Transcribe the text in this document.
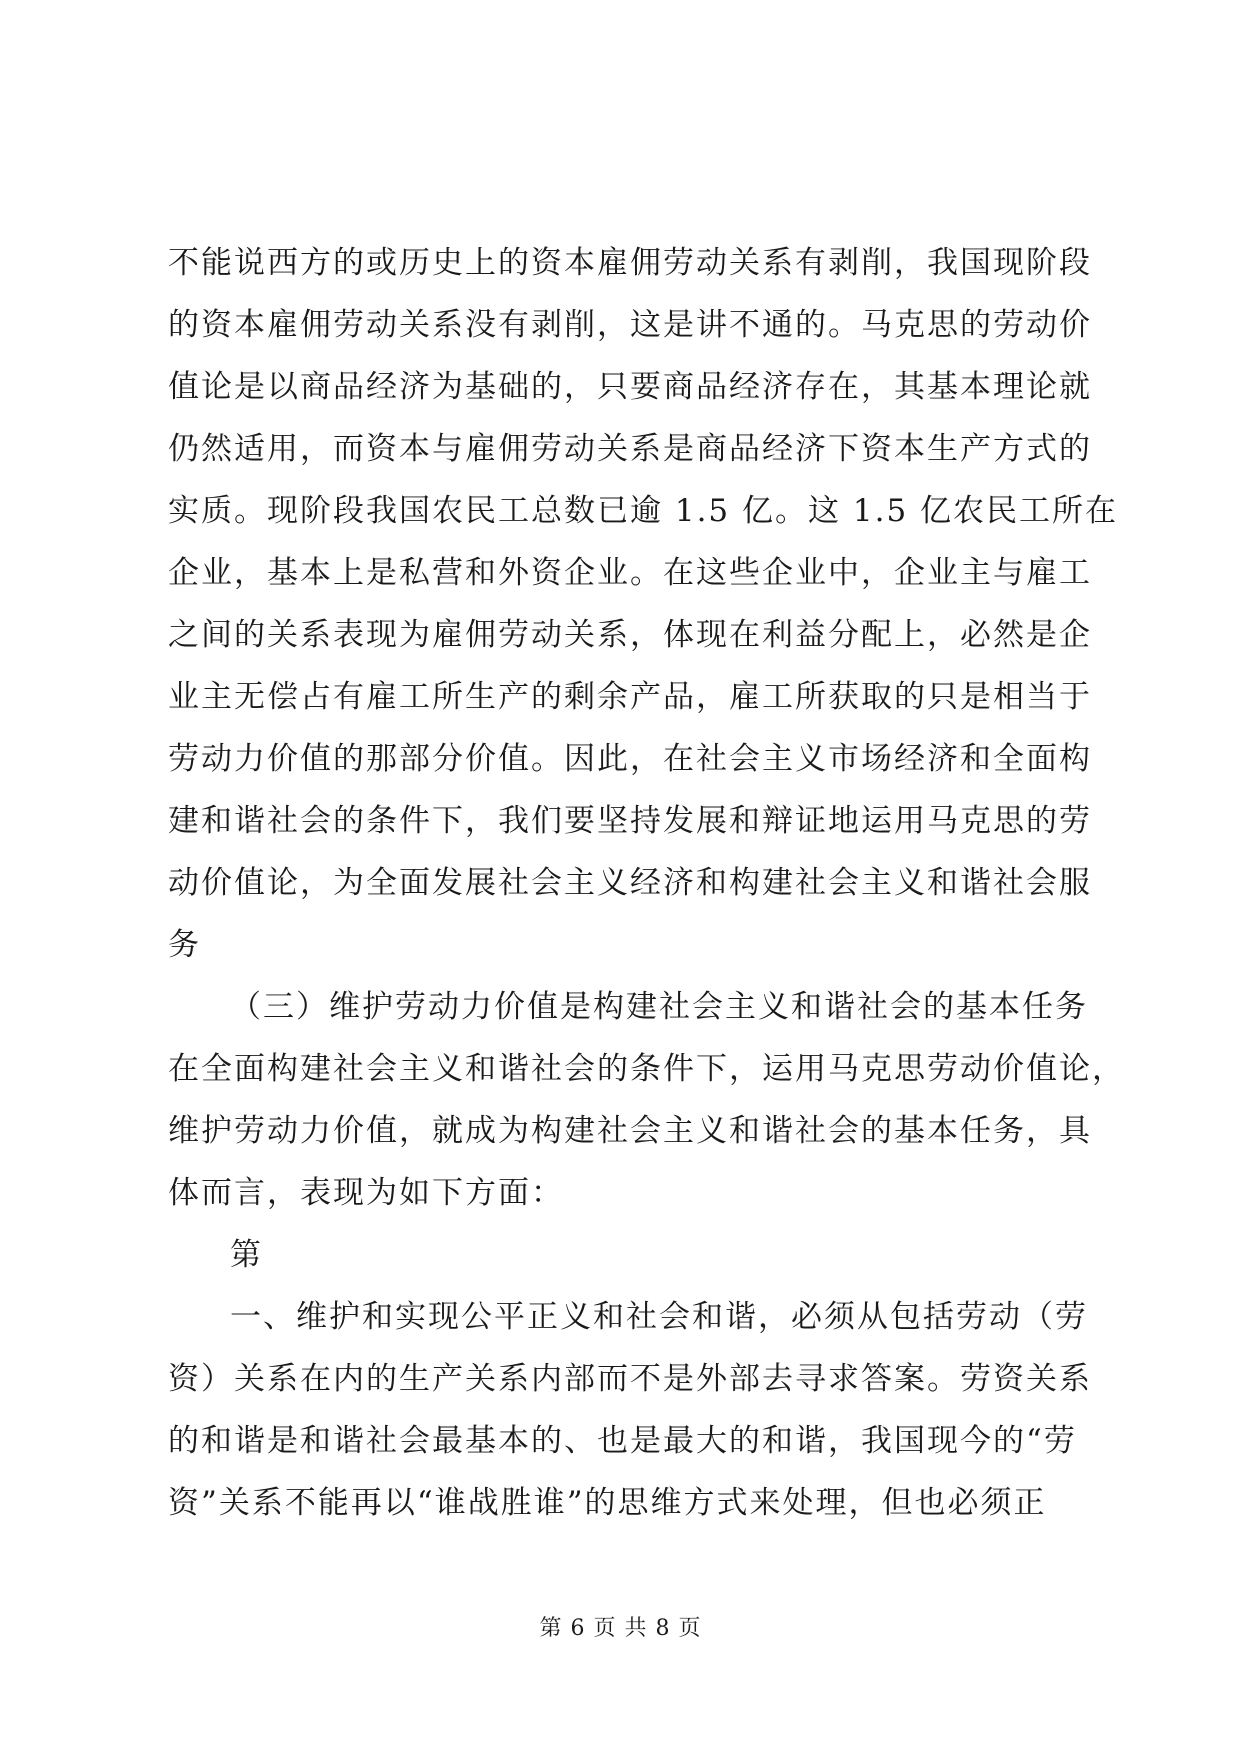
不能说西方的或历史上的资本雇佣劳动关系有剥削，我国现阶段
的资本雇佣劳动关系没有剥削，这是讲不通的。马克思的劳动价
值论是以商品经济为基础的，只要商品经济存在，其基本理论就
仍然适用，而资本与雇佣劳动关系是商品经济下资本生产方式的
实质。现阶段我国农民工总数已逾 1.5 亿。这 1.5 亿农民工所在
企业，基本上是私营和外资企业。在这些企业中，企业主与雇工
之间的关系表现为雇佣劳动关系，体现在利益分配上，必然是企
业主无偿占有雇工所生产的剩余产品，雇工所获取的只是相当于
劳动力价值的那部分价值。因此，在社会主义市场经济和全面构
建和谐社会的条件下，我们要坚持发展和辩证地运用马克思的劳
动价值论，为全面发展社会主义经济和构建社会主义和谐社会服
务
（三）维护劳动力价值是构建社会主义和谐社会的基本任务
在全面构建社会主义和谐社会的条件下，运用马克思劳动价值论，
维护劳动力价值，就成为构建社会主义和谐社会的基本任务，具
体而言，表现为如下方面：
第
一、维护和实现公平正义和社会和谐，必须从包括劳动（劳
资）关系在内的生产关系内部而不是外部去寻求答案。劳资关系
的和谐是和谐社会最基本的、也是最大的和谐，我国现今的“劳
资”关系不能再以“谁战胜谁”的思维方式来处理，但也必须正
第 6 页 共 8 页
